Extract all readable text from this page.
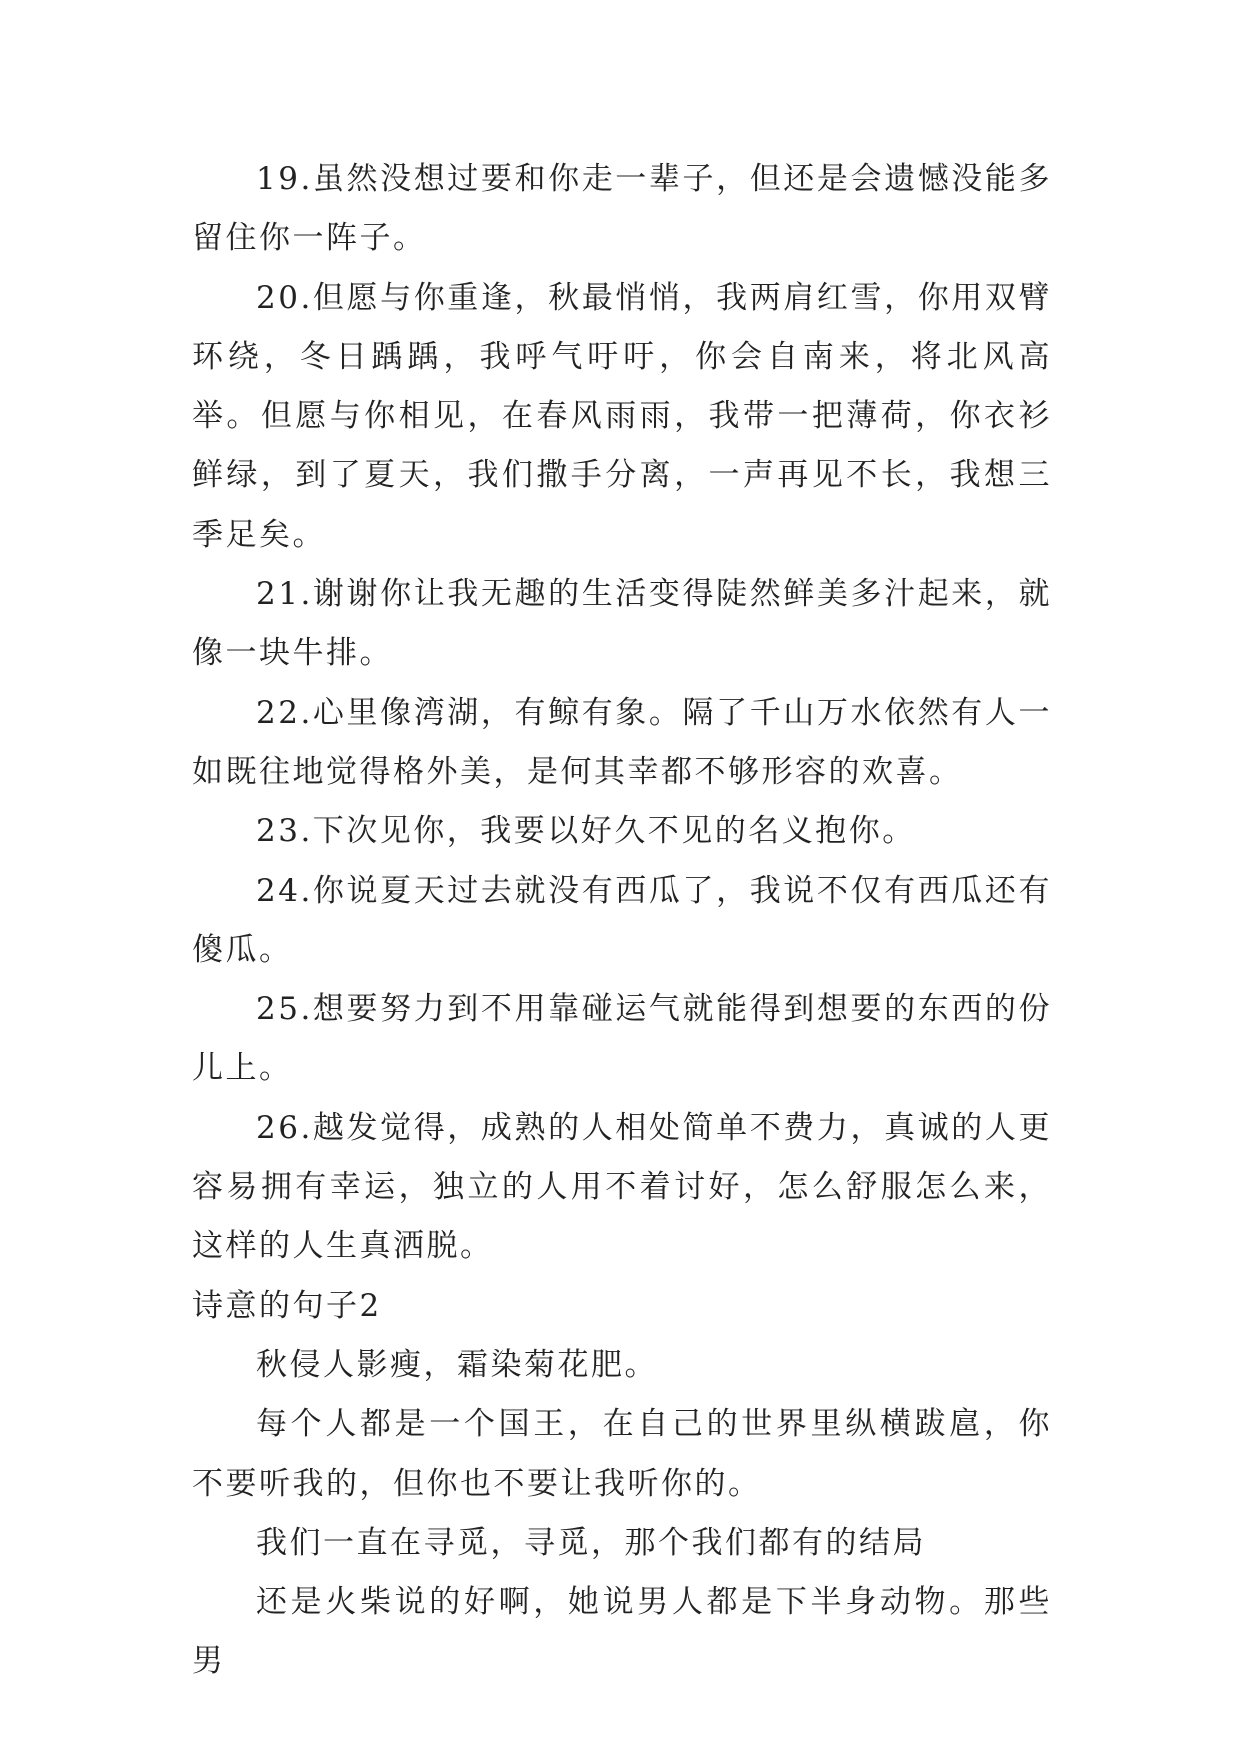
19.虽然没想过要和你走一辈子，但还是会遗憾没能多留住你一阵子。

20.但愿与你重逢，秋最悄悄，我两肩红雪，你用双臂环绕，冬日踽踽，我呼气吁吁，你会自南来，将北风高举。但愿与你相见，在春风雨雨，我带一把薄荷，你衣衫鲜绿，到了夏天，我们撒手分离，一声再见不长，我想三季足矣。

21.谢谢你让我无趣的生活变得陡然鲜美多汁起来，就像一块牛排。

22.心里像湾湖，有鲸有象。隔了千山万水依然有人一如既往地觉得格外美，是何其幸都不够形容的欢喜。

23.下次见你，我要以好久不见的名义抱你。

24.你说夏天过去就没有西瓜了，我说不仅有西瓜还有傻瓜。

25.想要努力到不用靠碰运气就能得到想要的东西的份儿上。

26.越发觉得，成熟的人相处简单不费力，真诚的人更容易拥有幸运，独立的人用不着讨好，怎么舒服怎么来，这样的人生真洒脱。

诗意的句子2

秋侵人影瘦，霜染菊花肥。

每个人都是一个国王，在自己的世界里纵横跋扈，你不要听我的，但你也不要让我听你的。

我们一直在寻觅，寻觅，那个我们都有的结局

还是火柴说的好啊，她说男人都是下半身动物。那些男
